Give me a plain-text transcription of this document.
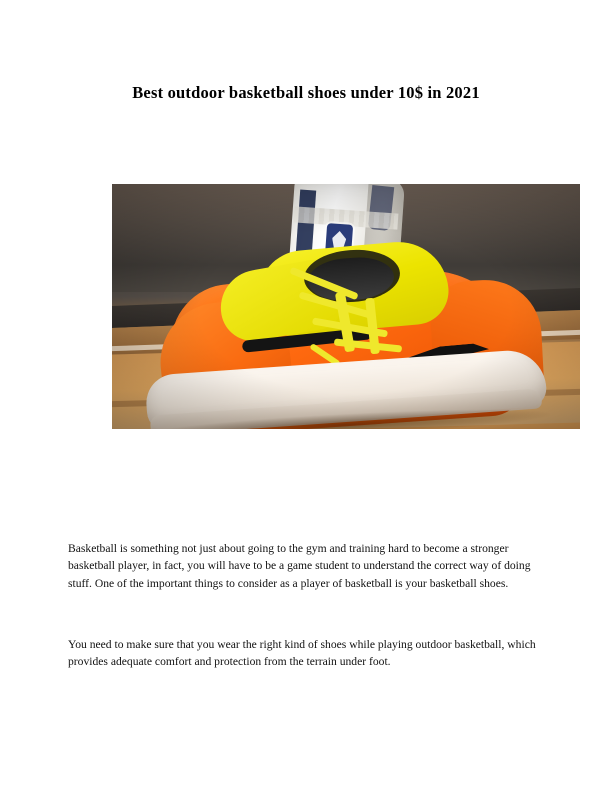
Best outdoor basketball shoes under 10$ in 2021

Basketball is something not just about going to the gym and training hard to become a stronger basketball player, in fact, you will have to be a game student to understand the correct way of doing stuff. One of the important things to consider as a player of basketball is your basketball shoes.

You need to make sure that you wear the right kind of shoes while playing outdoor basketball, which provides adequate comfort and protection from the terrain under foot.
